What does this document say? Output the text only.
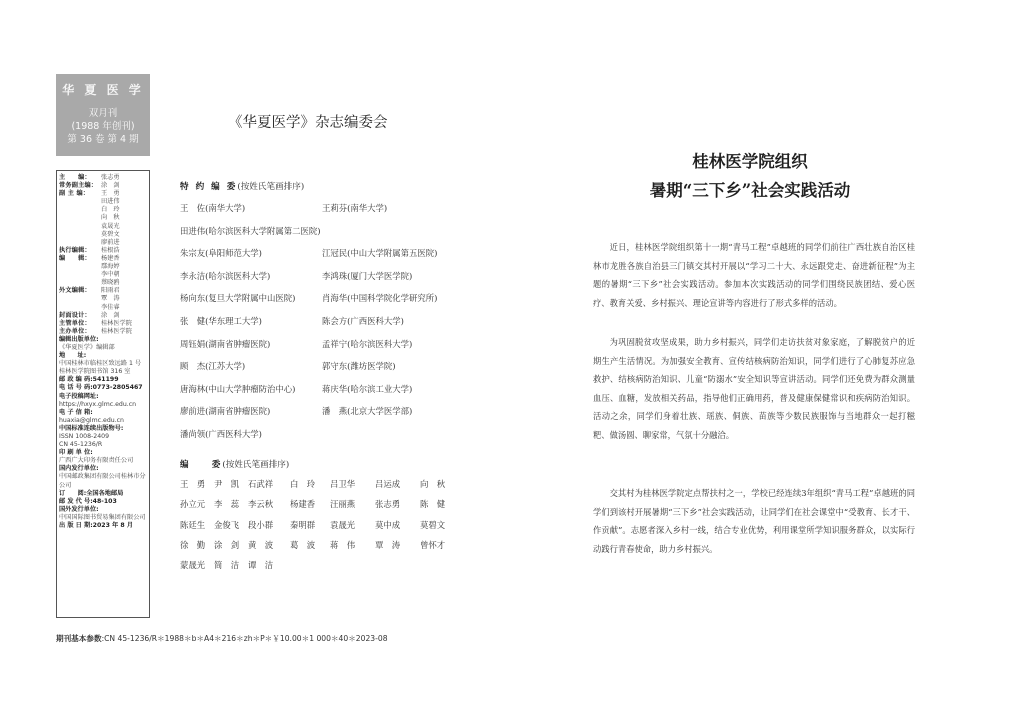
华 夏 医 学
双月刊
(1988 年创刊)
第 36 卷 第 4 期
主　　编：	张志勇
常务副主编： 涂　剑
副 主 编：	王　勇
田进伟
白　玲
向　秋
袁晟光
莫碧文
廖前进
执行编辑：	桂根浩
编　　辑：	杨建香
鄢海婷
李中朝
蔡晓鸥
外文编辑：	阳雨君
覃　涛
李佳睿
封面设计：	涂　剑
主管单位：	桂林医学院
主办单位：	桂林医学院
编辑出版单位:
《华夏医学》编辑部
地　　址:
中国桂林市临桂区致远路 1 号桂林医学院图书馆 316 室
邮 政 编 码:541199
电 话 号 码:0773-2805467
电子投稿网址:
https://hxyx.glmc.edu.cn
电 子 信 箱:
huaxia@glmc.edu.cn
中国标准连续出版物号:
ISSN 1008-2409
CN 45-1236/R
印 刷 单 位:
广西广大印务有限责任公司
国内发行单位:
中国邮政集团有限公司桂林市分公司
订　　阅:全国各地邮局
邮 发 代 号:48-103
国外发行单位:
中国国际图书贸易集团有限公司
出 版 日 期:2023 年 8 月
期刊基本参数:CN 45-1236/R＊1988＊b＊A4＊216＊zh＊P＊￥10.00＊1 000＊40＊2023-08
《华夏医学》杂志编委会
特 约 编 委(按姓氏笔画排序)
王　佐(南华大学)	王莉芬(南华大学)
田进伟(哈尔滨医科大学附属第二医院)
朱宗友(阜阳师范大学)	江冠民(中山大学附属第五医院)
李永洁(哈尔滨医科大学)	李鸿珠(厦门大学医学院)
杨向东(复旦大学附属中山医院)	肖海华(中国科学院化学研究所)
张　健(华东理工大学)	陈会方(广西医科大学)
周钰娟(湖南省肿瘤医院)	孟祥宁(哈尔滨医科大学)
顾　杰(江苏大学)	郭守东(潍坊医学院)
唐海林(中山大学肿瘤防治中心)	蒋庆华(哈尔滨工业大学)
廖前进(湖南省肿瘤医院)	潘　燕(北京大学医学部)
潘尚领(广西医科大学)
编　　委(按姓氏笔画排序)
王　勇 尹　凯 石武祥 白　玲 吕卫华 吕运成 向　秋
孙立元 李　蕊 李云秋 杨建香 汪丽燕 张志勇 陈　健
陈廷生 金俊飞 段小群 秦明群 袁晟光 莫中成 莫碧文
徐　勤 涂　剑 黄　波 葛　波 蒋　伟 覃　涛 曾怀才
蒙晟光 简　洁 谭　洁
桂林医学院组织
暑期“三下乡”社会实践活动

近日，桂林医学院组织第十一期“青马工程”卓越班的同学们前往广西壮族自治区桂林市龙胜各族自治县三门镇交其村开展以“学习二十大、永远跟党走、奋进新征程”为主题的暑期“三下乡”社会实践活动。参加本次实践活动的同学们围绕民族团结、爱心医疗、教育关爱、乡村振兴、理论宣讲等内容进行了形式多样的活动。

为巩固脱贫攻坚成果，助力乡村振兴，同学们走访扶贫对象家庭，了解脱贫户的近期生产生活情况。为加强安全教育、宣传结核病防治知识，同学们进行了心肺复苏应急救护、结核病防治知识、儿童“防溺水”安全知识等宣讲活动。同学们还免费为群众测量血压、血糖，发放相关药品，指导他们正确用药，普及健康保健常识和疾病防治知识。活动之余，同学们身着壮族、瑶族、侗族、苗族等少数民族服饰与当地群众一起打糍粑、做汤圆、聊家常，气氛十分融洽。

交其村为桂林医学院定点帮扶村之一，学校已经连续3年组织“青马工程”卓越班的同学们到该村开展暑期“三下乡”社会实践活动，让同学们在社会课堂中“受教育、长才干、作贡献”。志愿者深入乡村一线，结合专业优势，利用课堂所学知识服务群众，以实际行动践行青春使命，助力乡村振兴。
